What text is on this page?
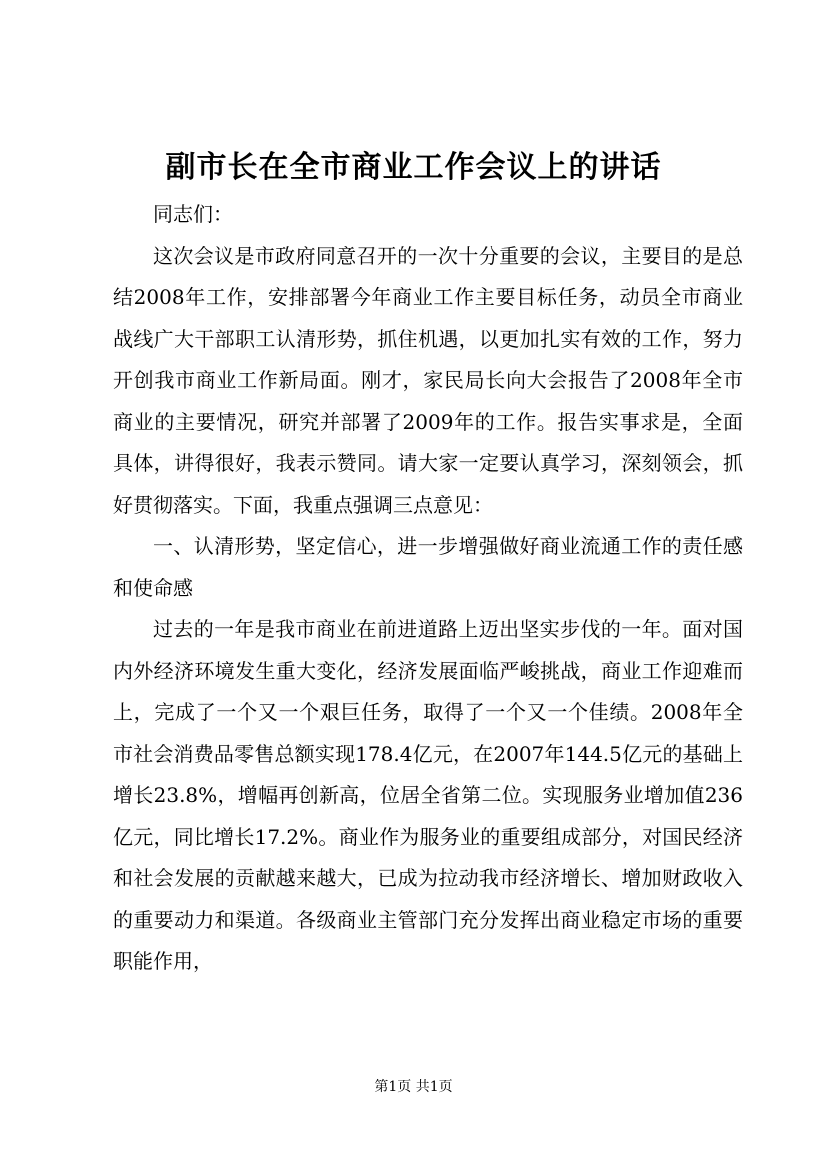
副市长在全市商业工作会议上的讲话

同志们：

这次会议是市政府同意召开的一次十分重要的会议，主要目的是总结2008年工作，安排部署今年商业工作主要目标任务，动员全市商业战线广大干部职工认清形势，抓住机遇，以更加扎实有效的工作，努力开创我市商业工作新局面。刚才，家民局长向大会报告了2008年全市商业的主要情况，研究并部署了2009年的工作。报告实事求是，全面具体，讲得很好，我表示赞同。请大家一定要认真学习，深刻领会，抓好贯彻落实。下面，我重点强调三点意见：

一、认清形势，坚定信心，进一步增强做好商业流通工作的责任感和使命感

过去的一年是我市商业在前进道路上迈出坚实步伐的一年。面对国内外经济环境发生重大变化，经济发展面临严峻挑战，商业工作迎难而上，完成了一个又一个艰巨任务，取得了一个又一个佳绩。2008年全市社会消费品零售总额实现178.4亿元，在2007年144.5亿元的基础上增长23.8%，增幅再创新高，位居全省第二位。实现服务业增加值236亿元，同比增长17.2%。商业作为服务业的重要组成部分，对国民经济和社会发展的贡献越来越大，已成为拉动我市经济增长、增加财政收入的重要动力和渠道。各级商业主管部门充分发挥出商业稳定市场的重要职能作用，

第1页 共1页
